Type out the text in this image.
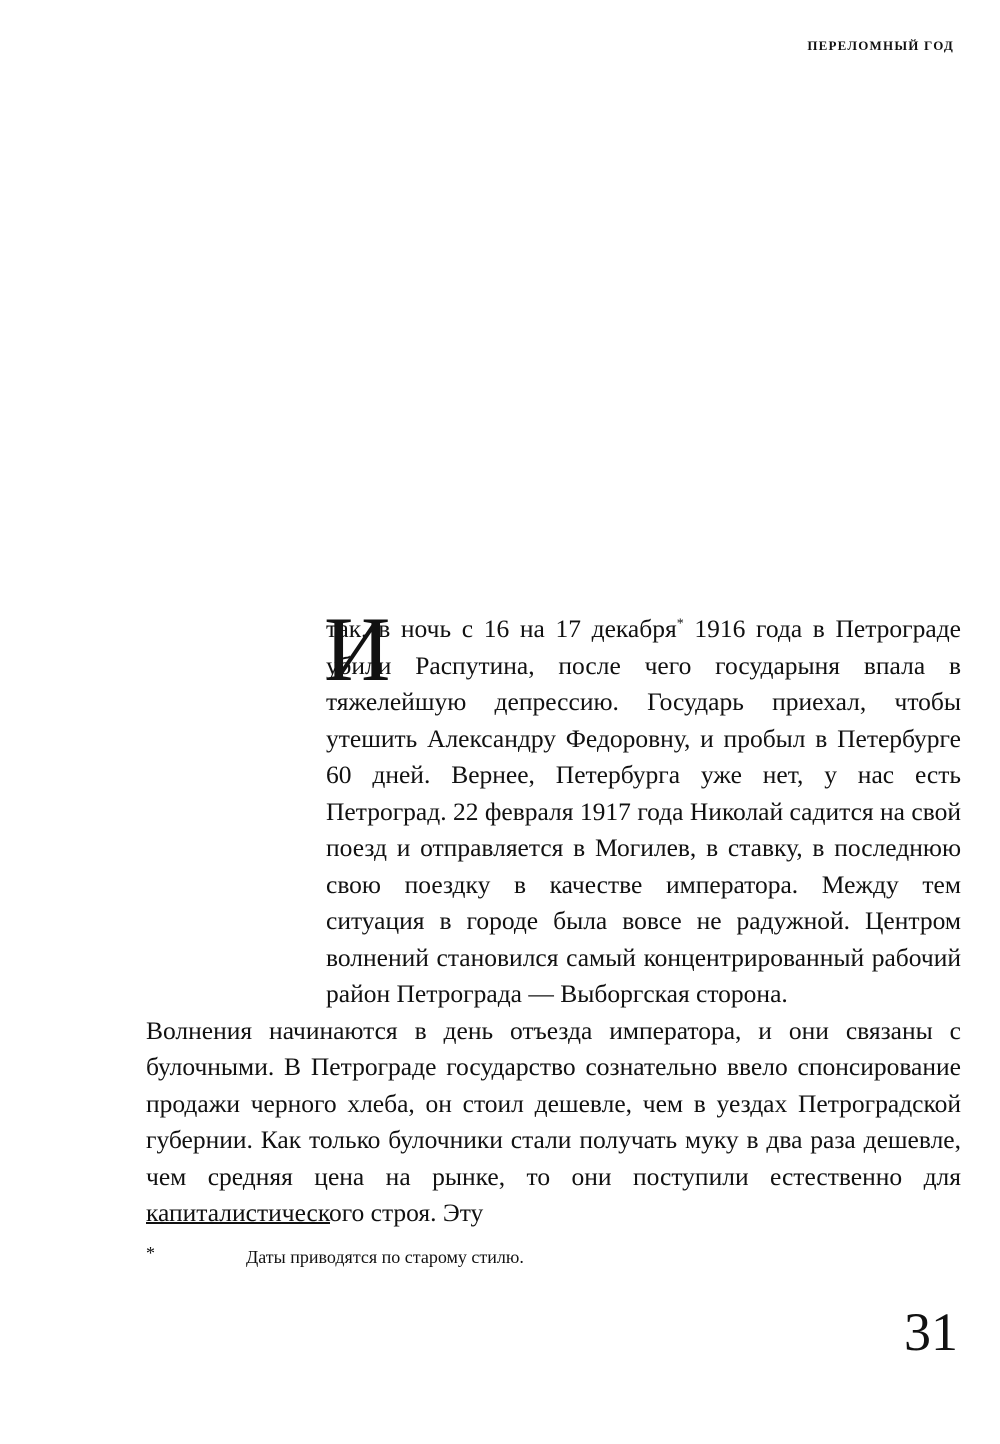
ПЕРЕЛОМНЫЙ ГОД
И

так, в ночь с 16 на 17 декабря* 1916 года в Петрограде убили Распутина, после чего государыня впала в тяжелейшую депрессию. Государь приехал, чтобы утешить Александру Федоровну, и пробыл в Петербурге 60 дней. Вернее, Петербурга уже нет, у нас есть Петроград. 22 февраля 1917 года Николай садится на свой поезд и отправляется в Могилев, в ставку, в последнюю свою поездку в качестве императора. Между тем ситуация в городе была вовсе не радужной. Центром волнений становился самый концентрированный рабочий район Петрограда — Выборгская сторона.

Волнения начинаются в день отъезда императора, и они связаны с булочными. В Петрограде государство сознательно ввело спонсирование продажи черного хлеба, он стоил дешевле, чем в уездах Петроградской губернии. Как только булочники стали получать муку в два раза дешевле, чем средняя цена на рынке, то они поступили естественно для капиталистического строя. Эту

*	Даты приводятся по старому стилю.
31
